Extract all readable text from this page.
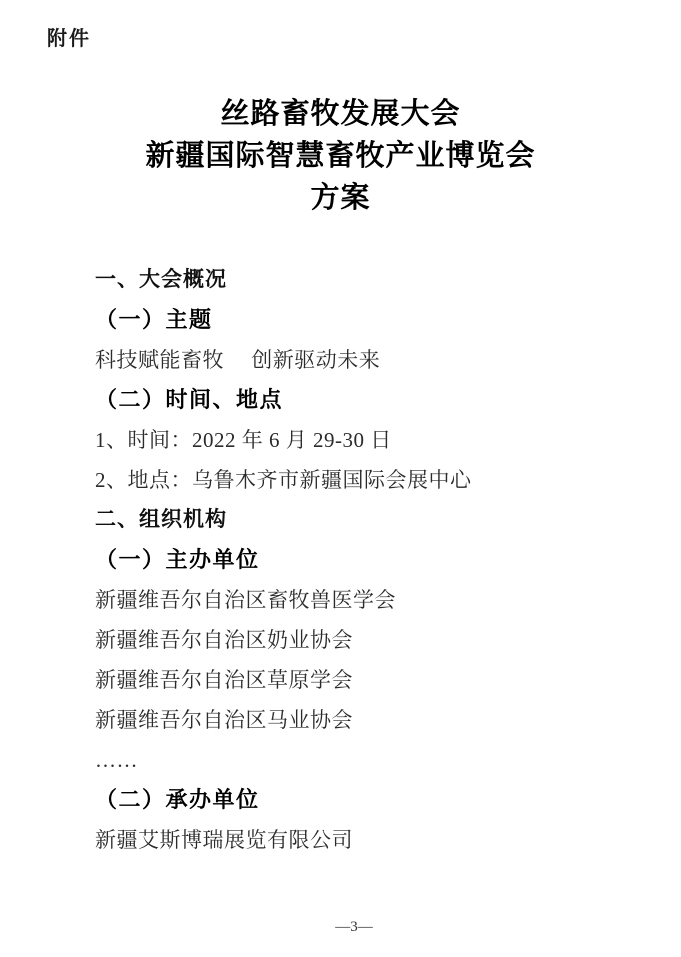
附件
丝路畜牧发展大会
新疆国际智慧畜牧产业博览会
方案
一、大会概况
（一）主题
科技赋能畜牧　 创新驱动未来
（二）时间、地点
1、时间：2022 年 6 月 29-30 日
2、地点：乌鲁木齐市新疆国际会展中心
二、组织机构
（一）主办单位
新疆维吾尔自治区畜牧兽医学会
新疆维吾尔自治区奶业协会
新疆维吾尔自治区草原学会
新疆维吾尔自治区马业协会
……
（二）承办单位
新疆艾斯博瑞展览有限公司
—3—
